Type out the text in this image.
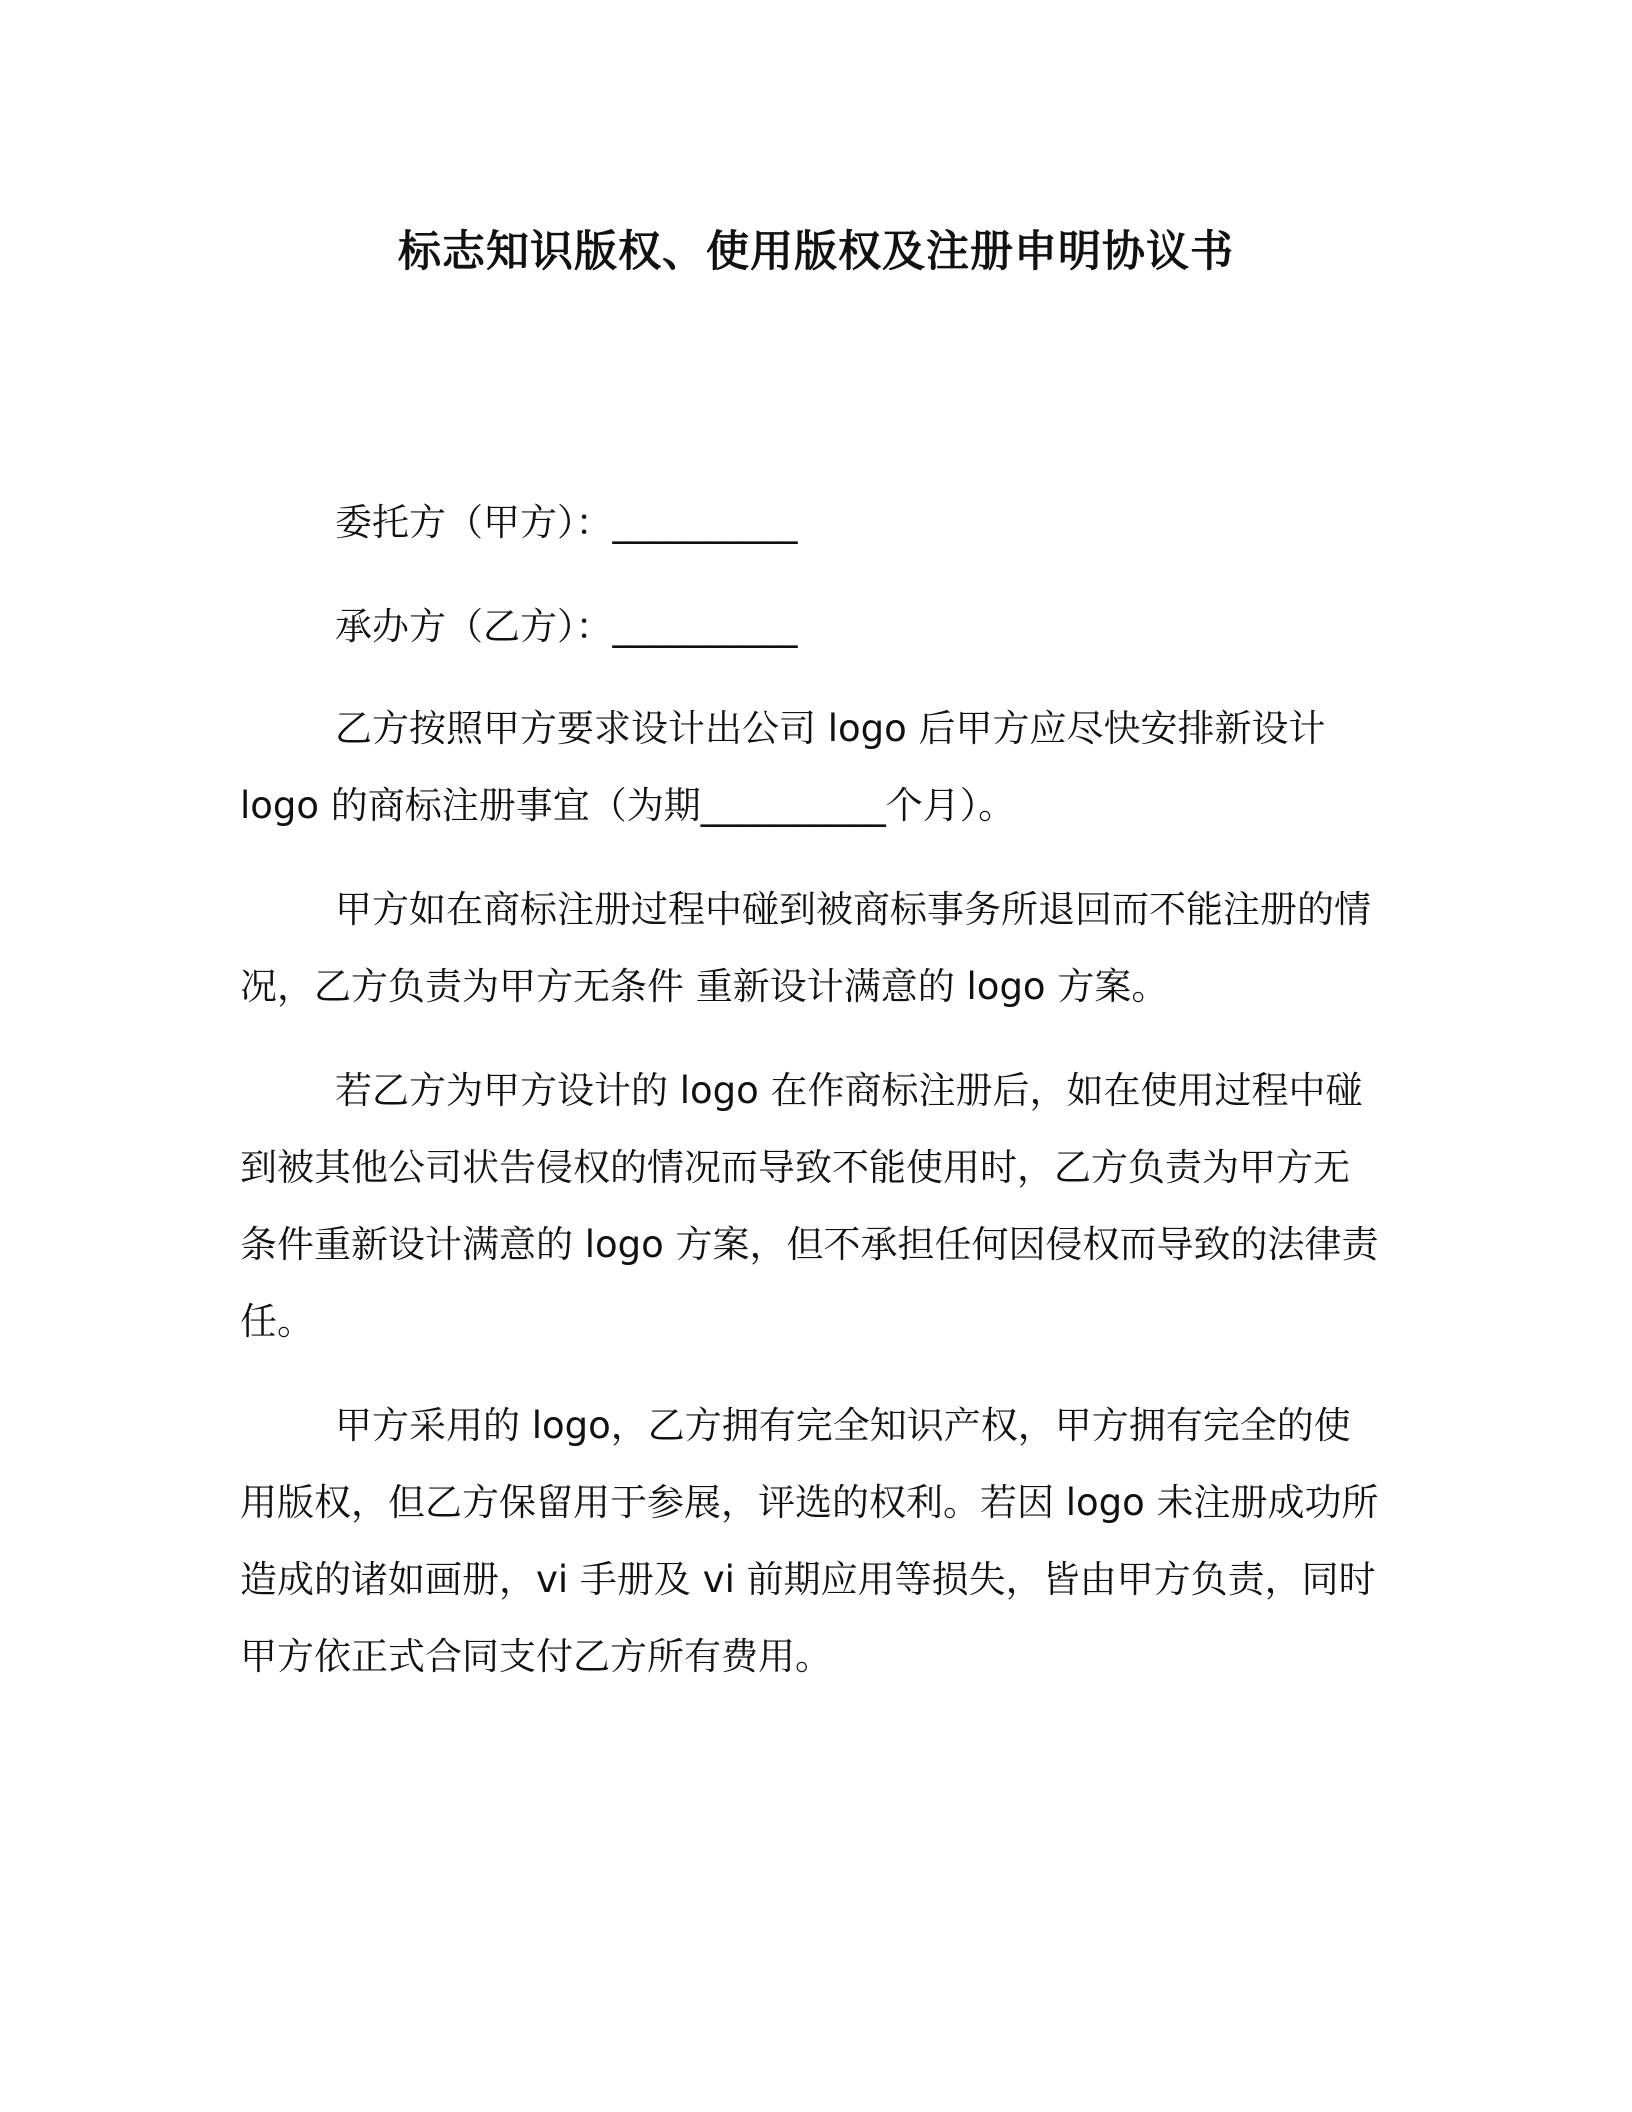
标志知识版权、使用版权及注册申明协议书
委托方（甲方）：__________
承办方（乙方）：__________

乙方按照甲方要求设计出公司 logo 后甲方应尽快安排新设计 logo 的商标注册事宜（为期__________个月）。

甲方如在商标注册过程中碰到被商标事务所退回而不能注册的情况，乙方负责为甲方无条件 重新设计满意的 logo 方案。

若乙方为甲方设计的 logo 在作商标注册后，如在使用过程中碰到被其他公司状告侵权的情况而导致不能使用时，乙方负责为甲方无条件重新设计满意的 logo 方案，但不承担任何因侵权而导致的法律责任。

甲方采用的 logo，乙方拥有完全知识产权，甲方拥有完全的使用版权，但乙方保留用于参展，评选的权利。若因 logo 未注册成功所造成的诸如画册，vi 手册及 vi 前期应用等损失，皆由甲方负责，同时甲方依正式合同支付乙方所有费用。
